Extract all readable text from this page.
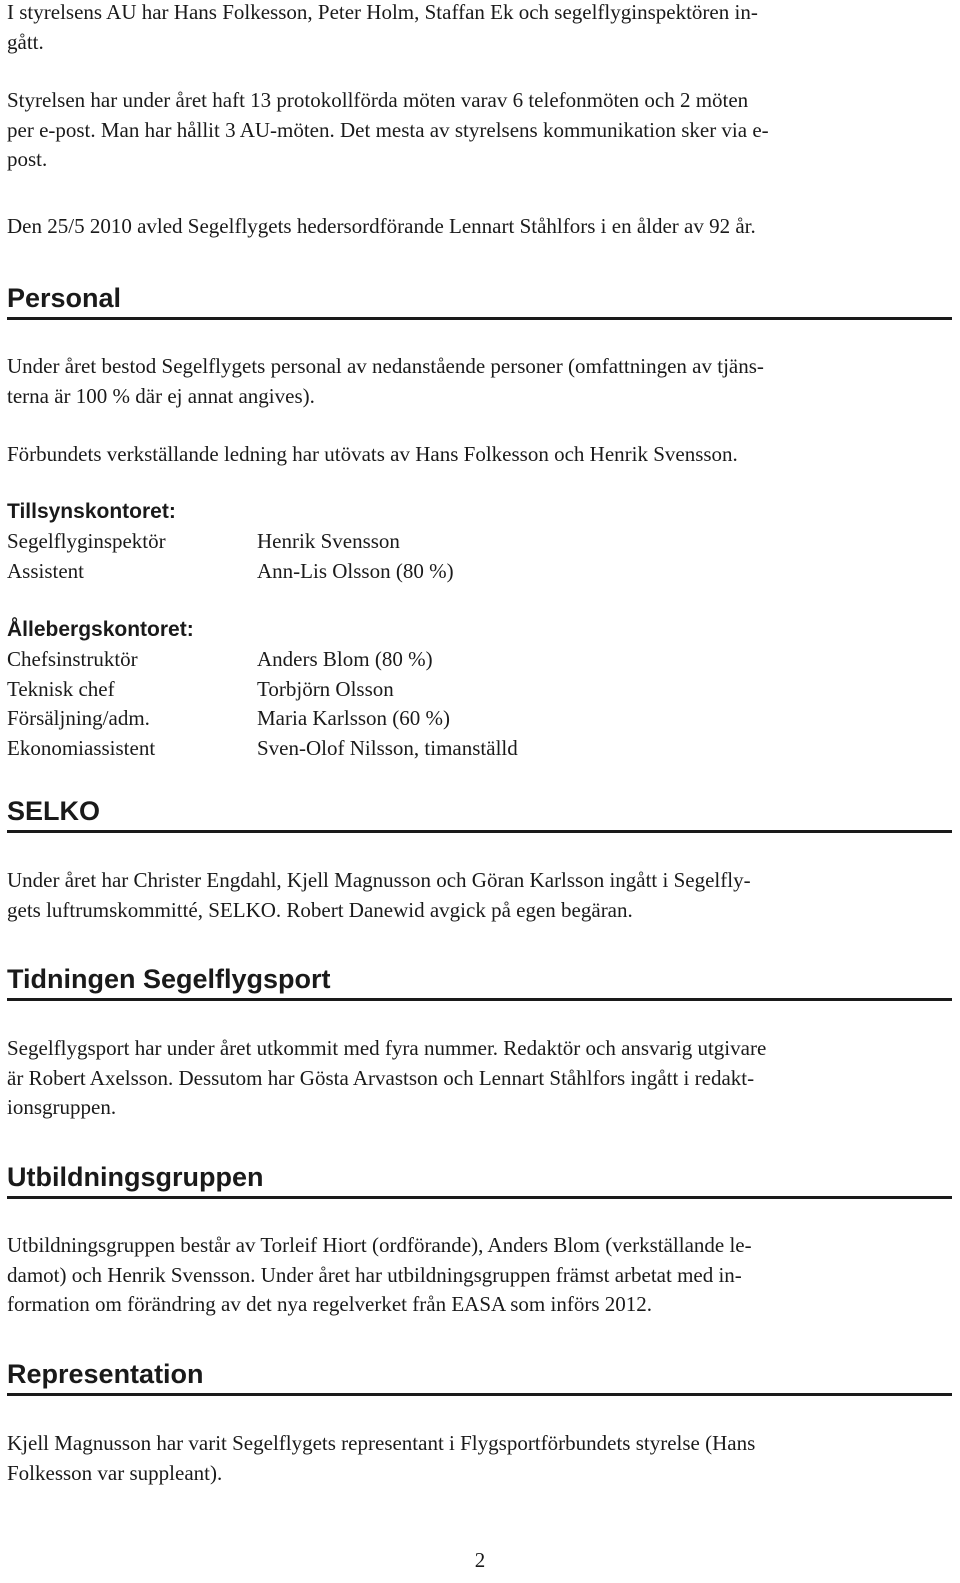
I styrelsens AU har Hans Folkesson, Peter Holm, Staffan Ek och segelflyginspektören in-

gått.

Styrelsen har under året haft 13 protokollförda möten varav 6 telefonmöten och 2 möten

per e-post. Man har hållit 3 AU-möten. Det mesta av styrelsens kommunikation sker via e-

post.

Den 25/5 2010 avled Segelflygets hedersordförande Lennart Ståhlfors i en ålder av 92 år.

Personal

Under året bestod Segelflygets personal av nedanstående personer (omfattningen av tjäns-

terna är 100 % där ej annat angives).

Förbundets verkställande ledning har utövats av Hans Folkesson och Henrik Svensson.

Tillsynskontoret:

Segelflyginspektör	Henrik Svensson
Assistent	Ann-Lis Olsson (80 %)

Ållebergskontoret:

Chefsinstruktör	Anders Blom (80 %)
Teknisk chef	Torbjörn Olsson
Försäljning/adm.	Maria Karlsson (60 %)
Ekonomiassistent	Sven-Olof Nilsson, timanställd

SELKO

Under året har Christer Engdahl, Kjell Magnusson och Göran Karlsson ingått i Segelfly-

gets luftrumskommitté, SELKO. Robert Danewid avgick på egen begäran.

Tidningen Segelflygsport

Segelflygsport har under året utkommit med fyra nummer. Redaktör och ansvarig utgivare

är Robert Axelsson. Dessutom har Gösta Arvastson och Lennart Ståhlfors ingått i redakt-

ionsgruppen.

Utbildningsgruppen

Utbildningsgruppen består av Torleif Hiort (ordförande), Anders Blom (verkställande le-

damot) och Henrik Svensson. Under året har utbildningsgruppen främst arbetat med in-

formation om förändring av det nya regelverket från EASA som införs 2012.

Representation

Kjell Magnusson har varit Segelflygets representant i Flygsportförbundets styrelse (Hans

Folkesson var suppleant).

2
